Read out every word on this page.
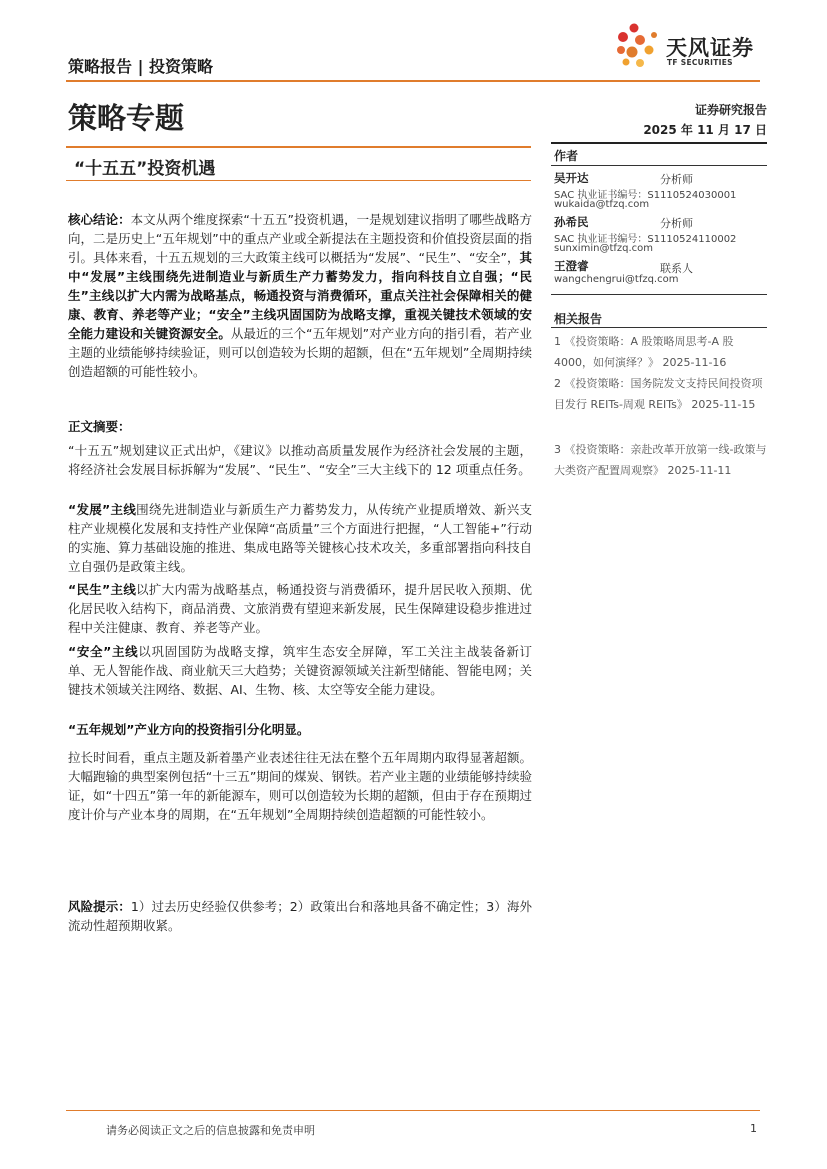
策略报告 | 投资策略
天风证券
TF SECURITIES
策略专题	证券研究报告
2025 年 11 月 17 日
“十五五”投资机遇
作者
吴开达	分析师
SAC 执业证书编号：S1110524030001
wukaida@tfzq.com
孙希民	分析师
SAC 执业证书编号：S1110524110002
sunximin@tfzq.com
王澄睿	联系人
wangchengrui@tfzq.com
相关报告
1 《投资策略：A 股策略周思考-A 股 4000，如何演绎？》 2025-11-16
2 《投资策略：国务院发文支持民间投资项目发行 REITs-周观 REITs》 2025-11-15
3 《投资策略：亲赴改革开放第一线-政策与大类资产配置周观察》 2025-11-11
核心结论：本文从两个维度探索“十五五”投资机遇，一是规划建议指明了哪些战略方向，二是历史上“五年规划”中的重点产业或全新提法在主题投资和价值投资层面的指引。具体来看，十五五规划的三大政策主线可以概括为“发展”、“民生”、“安全”，其中“发展”主线围绕先进制造业与新质生产力蓄势发力，指向科技自立自强；“民生”主线以扩大内需为战略基点，畅通投资与消费循环，重点关注社会保障相关的健康、教育、养老等产业；“安全”主线巩固国防为战略支撑，重视关键技术领域的安全能力建设和关键资源安全。从最近的三个“五年规划”对产业方向的指引看，若产业主题的业绩能够持续验证，则可以创造较为长期的超额，但在“五年规划”全周期持续创造超额的可能性较小。
正文摘要：
“十五五”规划建议正式出炉，《建议》以推动高质量发展作为经济社会发展的主题，将经济社会发展目标拆解为“发展”、“民生”、“安全”三大主线下的 12 项重点任务。
“发展”主线围绕先进制造业与新质生产力蓄势发力，从传统产业提质增效、新兴支柱产业规模化发展和支持性产业保障“高质量”三个方面进行把握，“人工智能+”行动的实施、算力基础设施的推进、集成电路等关键核心技术攻关，多重部署指向科技自立自强仍是政策主线。
“民生”主线以扩大内需为战略基点，畅通投资与消费循环，提升居民收入预期、优化居民收入结构下，商品消费、文旅消费有望迎来新发展，民生保障建设稳步推进过程中关注健康、教育、养老等产业。
“安全”主线以巩固国防为战略支撑，筑牢生态安全屏障，军工关注主战装备新订单、无人智能作战、商业航天三大趋势；关键资源领域关注新型储能、智能电网；关键技术领域关注网络、数据、AI、生物、核、太空等安全能力建设。
“五年规划”产业方向的投资指引分化明显。
拉长时间看，重点主题及新着墨产业表述往往无法在整个五年周期内取得显著超额。大幅跑输的典型案例包括“十三五”期间的煤炭、钢铁。若产业主题的业绩能够持续验证，如“十四五”第一年的新能源车，则可以创造较为长期的超额，但由于存在预期过度计价与产业本身的周期，在“五年规划”全周期持续创造超额的可能性较小。
风险提示：1）过去历史经验仅供参考；2）政策出台和落地具备不确定性；3）海外流动性超预期收紧。
请务必阅读正文之后的信息披露和免责申明	1
